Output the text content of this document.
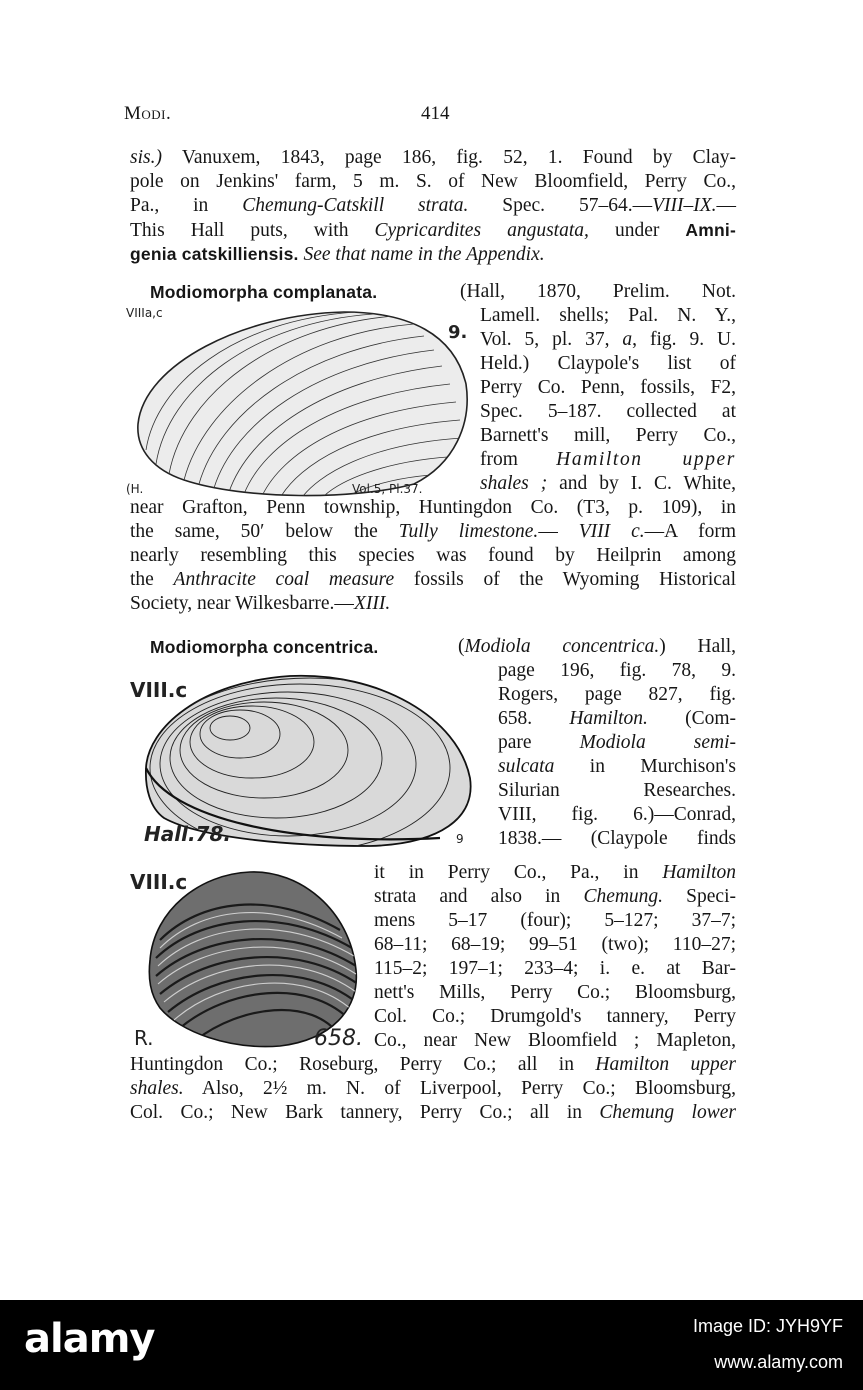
Modi.	414
sis.) Vanuxem, 1843, page 186, fig. 52, 1. Found by Clay-
pole on Jenkins' farm, 5 m. S. of New Bloomfield, Perry Co.,
Pa., in Chemung-Catskill strata. Spec. 57–64.—VIII–IX.—
This Hall puts, with Cypricardites angustata, under Amni-
genia catskilliensis. See that name in the Appendix.
Modiomorpha complanata.
VIIIa,c
9.
(H.	Vol.5, Pl.37.
(Hall, 1870, Prelim. Not.
Lamell. shells; Pal. N. Y.,
Vol. 5, pl. 37, a, fig. 9. U.
Held.) Claypole's list of
Perry Co. Penn, fossils, F2,
Spec. 5–187. collected at
Barnett's mill, Perry Co.,
from Hamilton upper
shales ; and by I. C. White,
near Grafton, Penn township, Huntingdon Co. (T3, p. 109), in
the same, 50′ below the Tully limestone.— VIII c.—A form
nearly resembling this species was found by Heilprin among
the Anthracite coal measure fossils of the Wyoming Historical
Society, near Wilkesbarre.—XIII.
Modiomorpha concentrica.
VIII.c
Hall.78.	9
VIII.c
R.	658.
(Modiola concentrica.) Hall,
page 196, fig. 78, 9.
Rogers, page 827, fig.
658. Hamilton. (Com-
pare Modiola semi-
sulcata in Murchison's
Silurian Researches.
VIII, fig. 6.)—Conrad,
1838.— (Claypole finds
it in Perry Co., Pa., in Hamilton
strata and also in Chemung. Speci-
mens 5–17 (four); 5–127; 37–7;
68–11; 68–19; 99–51 (two); 110–27;
115–2; 197–1; 233–4; i. e. at Bar-
nett's Mills, Perry Co.; Bloomsburg,
Col. Co.; Drumgold's tannery, Perry
Co., near New Bloomfield ; Mapleton,
Huntingdon Co.; Roseburg, Perry Co.; all in Hamilton upper
shales. Also, 2½ m. N. of Liverpool, Perry Co.; Bloomsburg,
Col. Co.; New Bark tannery, Perry Co.; all in Chemung lower
alamy	Image ID: JYH9YF
www.alamy.com
